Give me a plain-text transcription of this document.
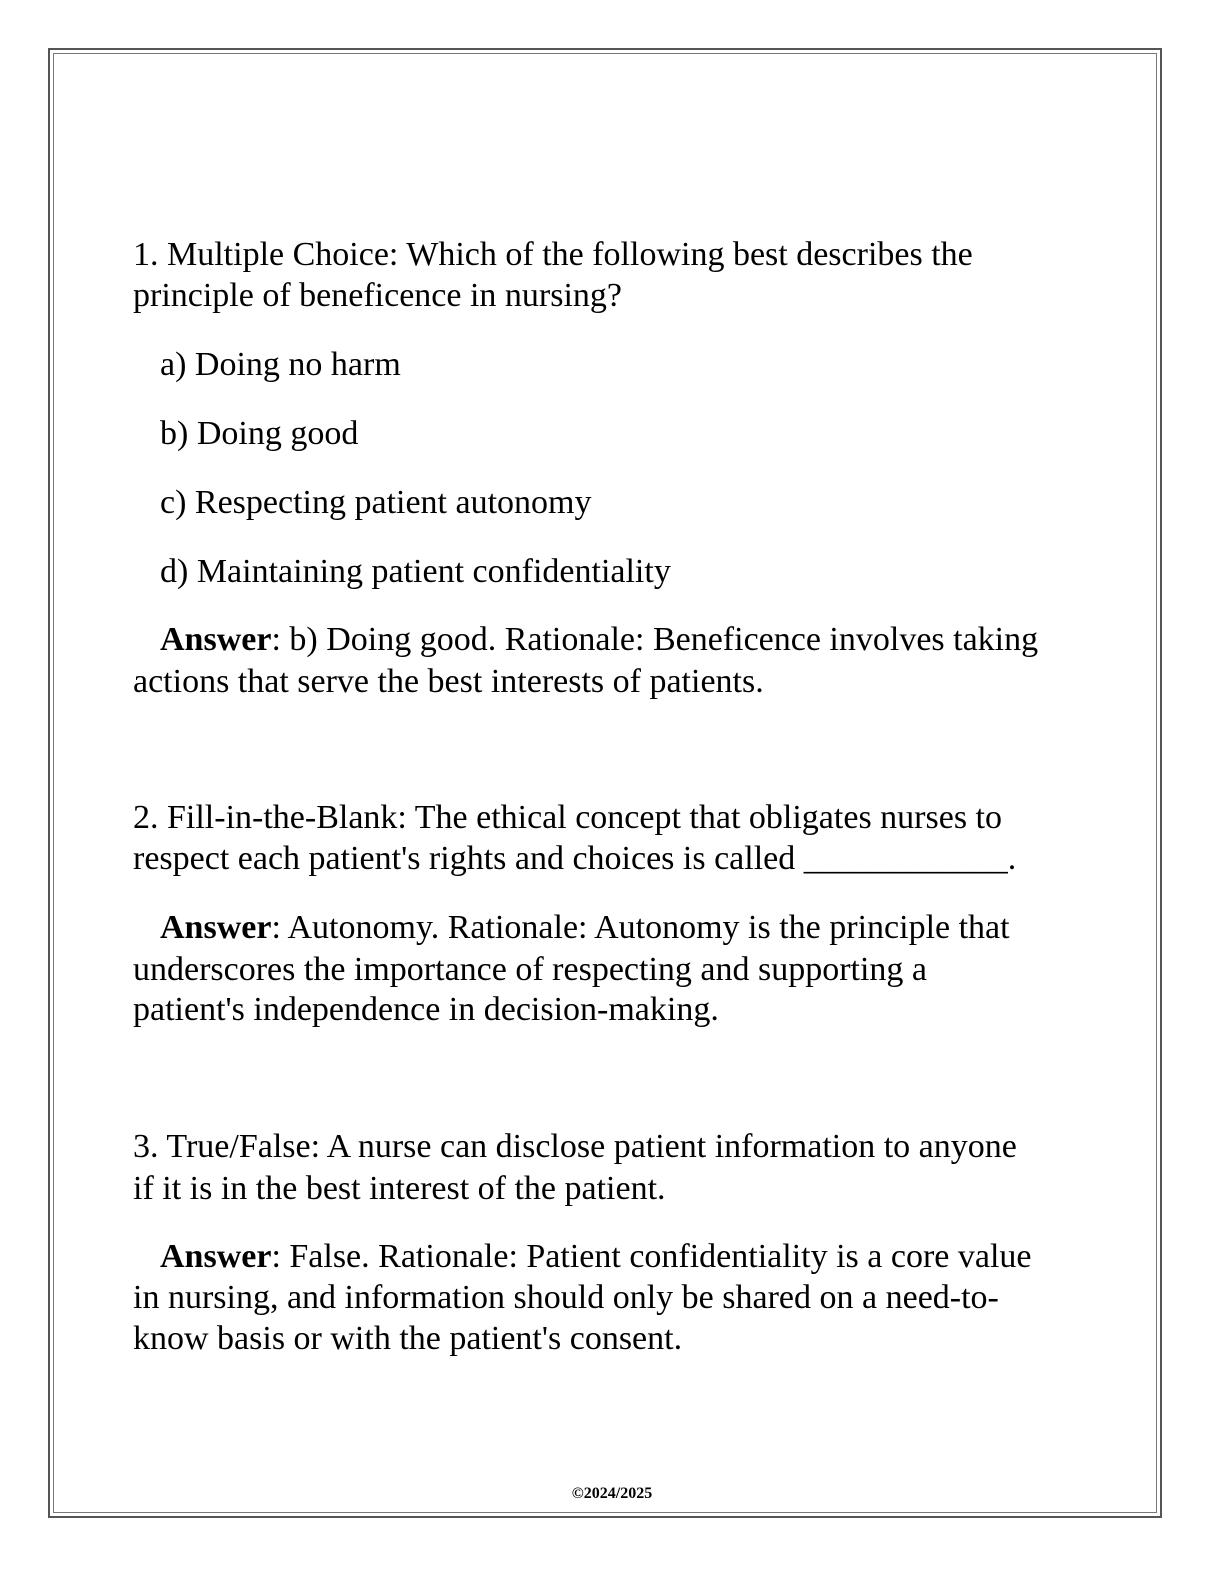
1. Multiple Choice: Which of the following best describes the

principle of beneficence in nursing?

a) Doing no harm

b) Doing good

c) Respecting patient autonomy

d) Maintaining patient confidentiality

Answer: b) Doing good. Rationale: Beneficence involves taking

actions that serve the best interests of patients.

2. Fill-in-the-Blank: The ethical concept that obligates nurses to

respect each patient's rights and choices is called ____________.

Answer: Autonomy. Rationale: Autonomy is the principle that

underscores the importance of respecting and supporting a

patient's independence in decision-making.

3. True/False: A nurse can disclose patient information to anyone

if it is in the best interest of the patient.

Answer: False. Rationale: Patient confidentiality is a core value

in nursing, and information should only be shared on a need-to-

know basis or with the patient's consent.

©2024/2025
